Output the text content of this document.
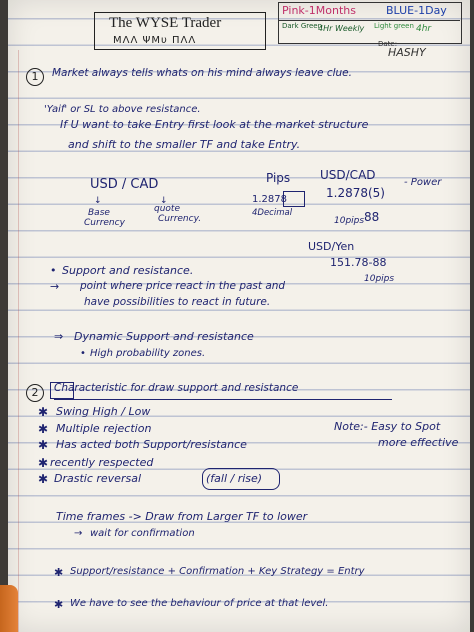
The WYSE Trader
ΜΛΛ ΨΜυ ΠΛΛ
Pink-1Months	BLUE-1Day
Dark Green
4Hr Weekly Light green 4hr
Date:
HASHY
1	Market always tells whats on his mind always leave clue.
'Yaif' or SL to above resistance.
If U want to take Entry first look at the market structure
and shift to the smaller TF and take Entry.
USD / CAD
↓
Base
Currency
↓
quote
Currency.
Pips
1.2878
4Decimal
USD/CAD
1.2878(5)
- Power
10pips 88
USD/Yen
151.78-88
10pips
• Support and resistance.
→ point where price react in the past and
have possibilities to react in future.
⇒ Dynamic Support and resistance
• High probability zones.
2	Characteristic for draw support and resistance
✱ Swing High / Low
✱ Multiple rejection
✱ Has acted both Support/resistance
✱ recently respected
✱ Drastic reversal	(fall / rise)
Note:- Easy to Spot
more effective
Time frames -> Draw from Larger TF to lower
→ wait for confirmation
✱ Support/resistance + Confirmation + Key Strategy = Entry
✱ We have to see the behaviour of price at that level.
